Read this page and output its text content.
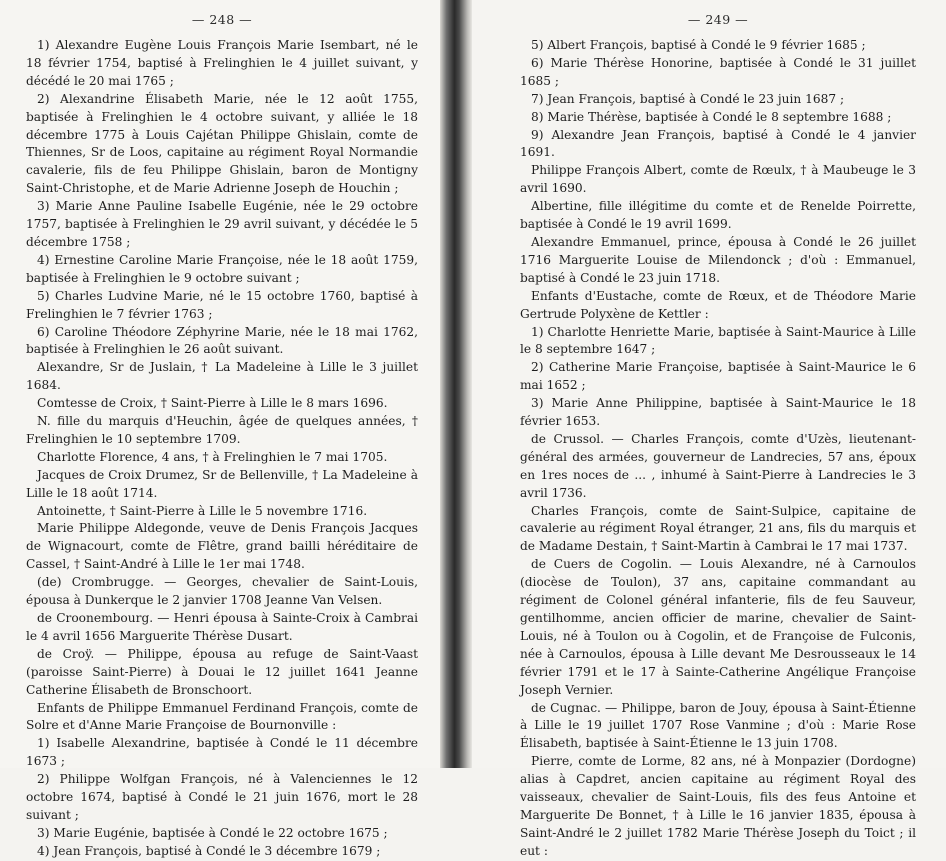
— 248 —

1) Alexandre Eugène Louis François Marie Isembart, né le 18 février 1754, baptisé à Frelinghien le 4 juillet suivant, y décédé le 20 mai 1765 ;

2) Alexandrine Élisabeth Marie, née le 12 août 1755, baptisée à Frelinghien le 4 octobre suivant, y alliée le 18 décembre 1775 à Louis Cajétan Philippe Ghislain, comte de Thiennes, Sr de Loos, capitaine au régiment Royal Normandie cavalerie, fils de feu Philippe Ghislain, baron de Montigny Saint-Christophe, et de Marie Adrienne Joseph de Houchin ;

3) Marie Anne Pauline Isabelle Eugénie, née le 29 octobre 1757, baptisée à Frelinghien le 29 avril suivant, y décédée le 5 décembre 1758 ;

4) Ernestine Caroline Marie Françoise, née le 18 août 1759, baptisée à Frelinghien le 9 octobre suivant ;

5) Charles Ludvine Marie, né le 15 octobre 1760, baptisé à Frelinghien le 7 février 1763 ;

6) Caroline Théodore Zéphyrine Marie, née le 18 mai 1762, baptisée à Frelinghien le 26 août suivant.

Alexandre, Sr de Juslain, † La Madeleine à Lille le 3 juillet 1684.

Comtesse de Croix, † Saint-Pierre à Lille le 8 mars 1696.

N. fille du marquis d'Heuchin, âgée de quelques années, † Frelinghien le 10 septembre 1709.

Charlotte Florence, 4 ans, † à Frelinghien le 7 mai 1705.

Jacques de Croix Drumez, Sr de Bellenville, † La Madeleine à Lille le 18 août 1714.

Antoinette, † Saint-Pierre à Lille le 5 novembre 1716.

Marie Philippe Aldegonde, veuve de Denis François Jacques de Wignacourt, comte de Flêtre, grand bailli héréditaire de Cassel, † Saint-André à Lille le 1er mai 1748.

(de) Crombrugge. — Georges, chevalier de Saint-Louis, épousa à Dunkerque le 2 janvier 1708 Jeanne Van Velsen.

de Croonembourg. — Henri épousa à Sainte-Croix à Cambrai le 4 avril 1656 Marguerite Thérèse Dusart.

de Croÿ. — Philippe, épousa au refuge de Saint-Vaast (paroisse Saint-Pierre) à Douai le 12 juillet 1641 Jeanne Catherine Élisabeth de Bronschoort.

Enfants de Philippe Emmanuel Ferdinand François, comte de Solre et d'Anne Marie Françoise de Bournonville :

1) Isabelle Alexandrine, baptisée à Condé le 11 décembre 1673 ;

2) Philippe Wolfgan François, né à Valenciennes le 12 octobre 1674, baptisé à Condé le 21 juin 1676, mort le 28 suivant ;

3) Marie Eugénie, baptisée à Condé le 22 octobre 1675 ;

4) Jean François, baptisé à Condé le 3 décembre 1679 ;

— 249 —

5) Albert François, baptisé à Condé le 9 février 1685 ;

6) Marie Thérèse Honorine, baptisée à Condé le 31 juillet 1685 ;

7) Jean François, baptisé à Condé le 23 juin 1687 ;

8) Marie Thérèse, baptisée à Condé le 8 septembre 1688 ;

9) Alexandre Jean François, baptisé à Condé le 4 janvier 1691.

Philippe François Albert, comte de Rœulx, † à Maubeuge le 3 avril 1690.

Albertine, fille illégitime du comte et de Renelde Poirrette, baptisée à Condé le 19 avril 1699.

Alexandre Emmanuel, prince, épousa à Condé le 26 juillet 1716 Marguerite Louise de Milendonck ; d'où : Emmanuel, baptisé à Condé le 23 juin 1718.

Enfants d'Eustache, comte de Rœux, et de Théodore Marie Gertrude Polyxène de Kettler :

1) Charlotte Henriette Marie, baptisée à Saint-Maurice à Lille le 8 septembre 1647 ;

2) Catherine Marie Françoise, baptisée à Saint-Maurice le 6 mai 1652 ;

3) Marie Anne Philippine, baptisée à Saint-Maurice le 18 février 1653.

de Crussol. — Charles François, comte d'Uzès, lieutenant-général des armées, gouverneur de Landrecies, 57 ans, époux en 1res noces de ... , inhumé à Saint-Pierre à Landrecies le 3 avril 1736.

Charles François, comte de Saint-Sulpice, capitaine de cavalerie au régiment Royal étranger, 21 ans, fils du marquis et de Madame Destain, † Saint-Martin à Cambrai le 17 mai 1737.

de Cuers de Cogolin. — Louis Alexandre, né à Carnoulos (diocèse de Toulon), 37 ans, capitaine commandant au régiment de Colonel général infanterie, fils de feu Sauveur, gentilhomme, ancien officier de marine, chevalier de Saint-Louis, né à Toulon ou à Cogolin, et de Françoise de Fulconis, née à Carnoulos, épousa à Lille devant Me Desrousseaux le 14 février 1791 et le 17 à Sainte-Catherine Angélique Françoise Joseph Vernier.

de Cugnac. — Philippe, baron de Jouy, épousa à Saint-Étienne à Lille le 19 juillet 1707 Rose Vanmine ; d'où : Marie Rose Élisabeth, baptisée à Saint-Étienne le 13 juin 1708.

Pierre, comte de Lorme, 82 ans, né à Monpazier (Dordogne) alias à Capdret, ancien capitaine au régiment Royal des vaisseaux, chevalier de Saint-Louis, fils des feus Antoine et Marguerite De Bonnet, † à Lille le 16 janvier 1835, épousa à Saint-André le 2 juillet 1782 Marie Thérèse Joseph du Toict ; il eut :
